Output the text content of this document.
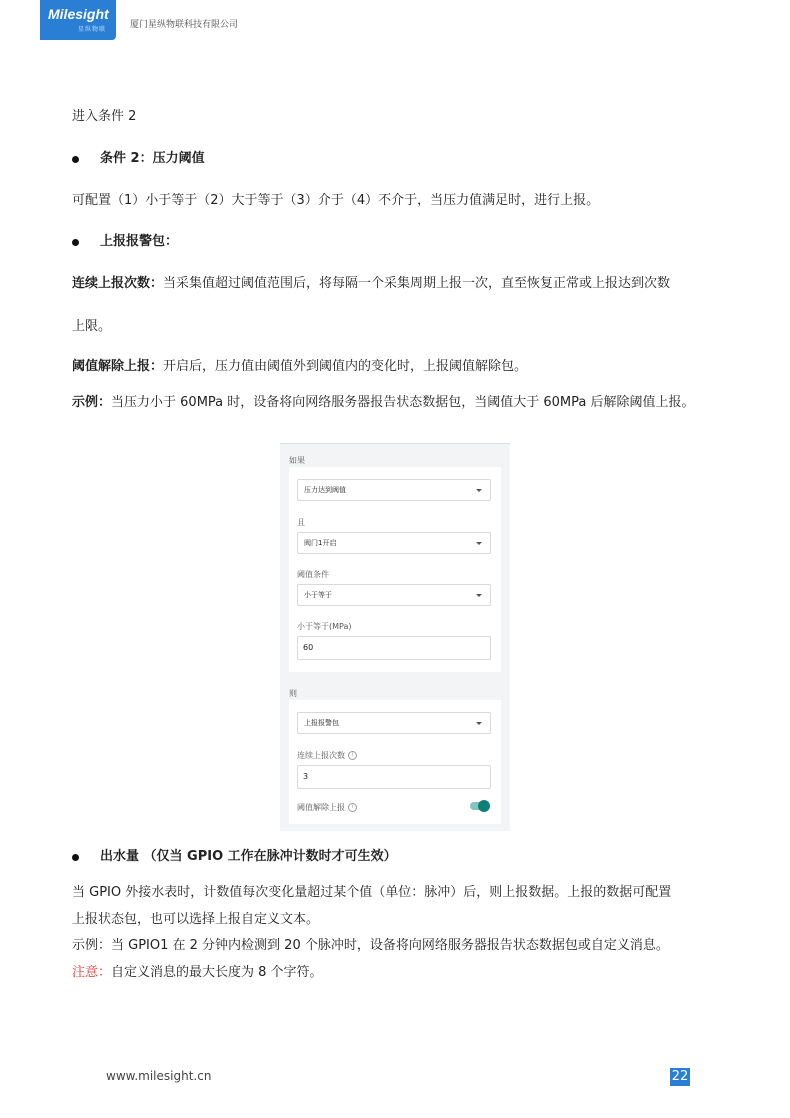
Milesight
星纵物联	厦门星纵物联科技有限公司
进入条件 2
条件 2：压力阈值
可配置（1）小于等于（2）大于等于（3）介于（4）不介于，当压力值满足时，进行上报。
上报报警包：
连续上报次数：当采集值超过阈值范围后，将每隔一个采集周期上报一次，直至恢复正常或上报达到次数
上限。
阈值解除上报：开启后，压力值由阈值外到阈值内的变化时，上报阈值解除包。
示例：当压力小于 60MPa 时，设备将向网络服务器报告状态数据包，当阈值大于 60MPa 后解除阈值上报。
如果
压力达到阈值
且
阀门1开启
阈值条件
小于等于
小于等于(MPa)
60
则
上报报警包
连续上报次数 i
3
阈值解除上报 i
出水量 （仅当 GPIO 工作在脉冲计数时才可生效）
当 GPIO 外接水表时，计数值每次变化量超过某个值（单位：脉冲）后，则上报数据。上报的数据可配置
上报状态包，也可以选择上报自定义文本。
示例：当 GPIO1 在 2 分钟内检测到 20 个脉冲时，设备将向网络服务器报告状态数据包或自定义消息。
注意：自定义消息的最大长度为 8 个字符。
www.milesight.cn	22
